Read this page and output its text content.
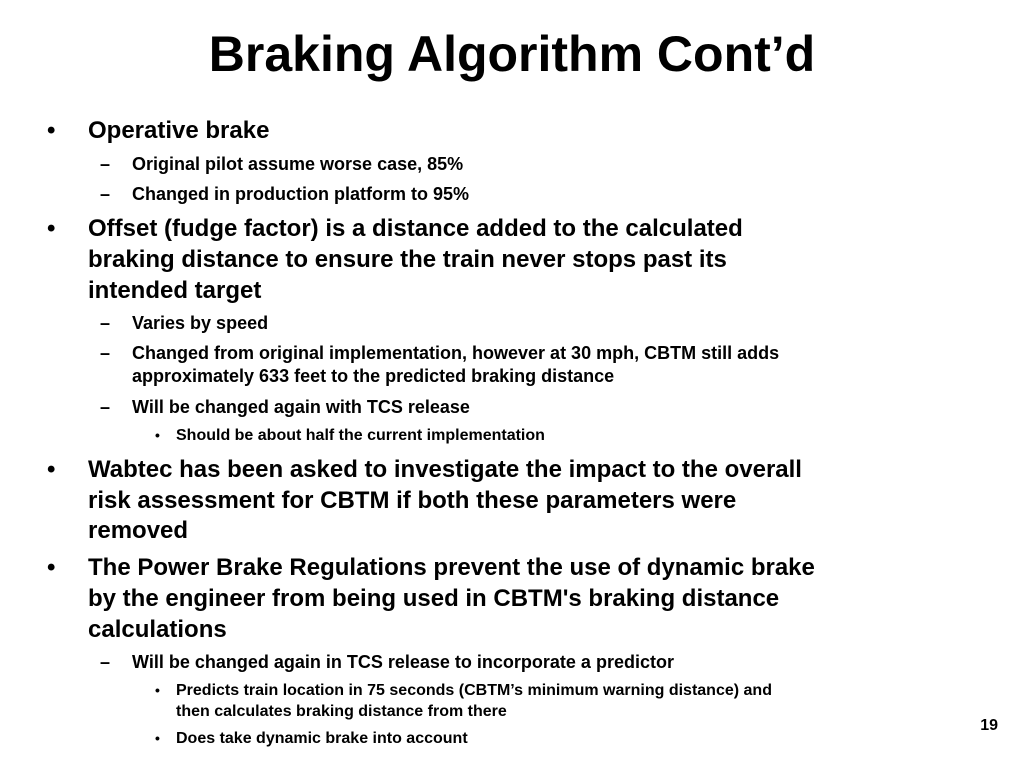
Braking Algorithm Cont’d
• Operative brake
– Original pilot assume worse case, 85%
– Changed in production platform to 95%
• Offset (fudge factor) is a distance added to the calculated
braking distance to ensure the train never stops past its
intended target
– Varies by speed
– Changed from original implementation, however at 30 mph, CBTM still adds
approximately 633 feet to the predicted braking distance
– Will be changed again with TCS release
• Should be about half the current implementation
• Wabtec has been asked to investigate the impact to the overall
risk assessment for CBTM if both these parameters were
removed
• The Power Brake Regulations prevent the use of dynamic brake
by the engineer from being used in CBTM's braking distance
calculations
– Will be changed again in TCS release to incorporate a predictor
• Predicts train location in 75 seconds (CBTM’s minimum warning distance) and
then calculates braking distance from there
• Does take dynamic brake into account
19
